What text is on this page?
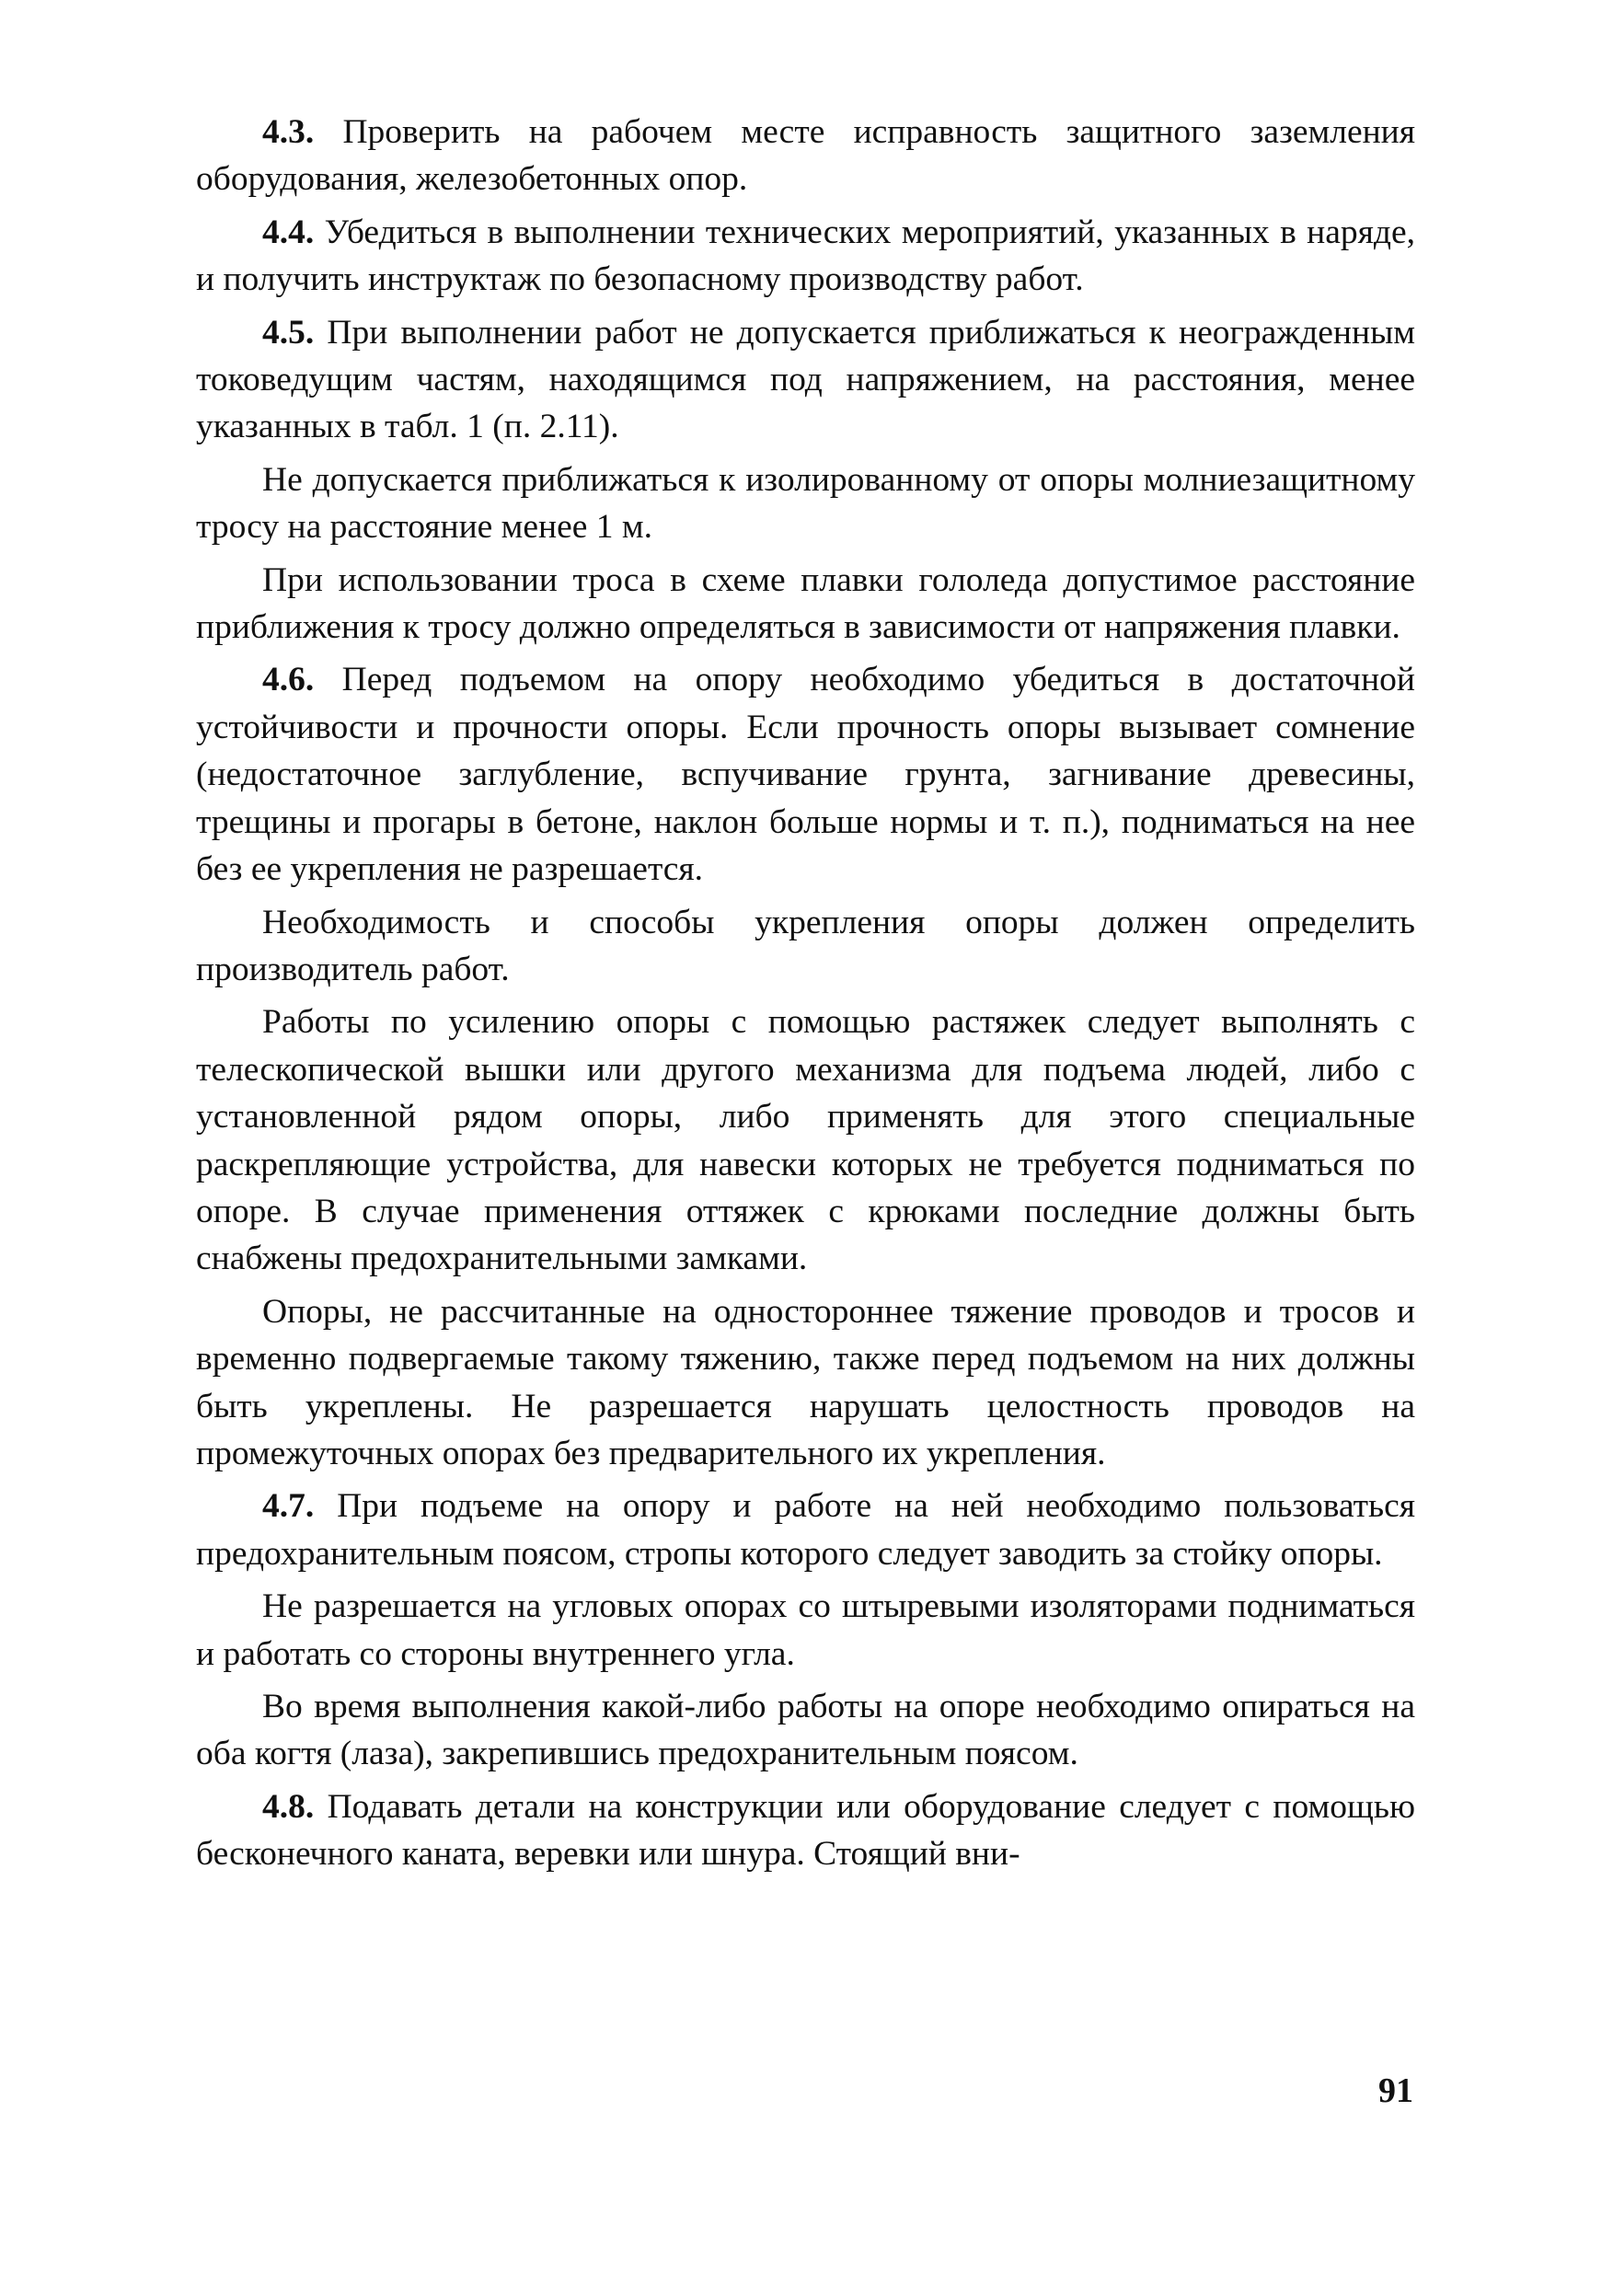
4.3. Проверить на рабочем месте исправность защитного заземления оборудования, железобетонных опор.

4.4. Убедиться в выполнении технических мероприятий, указанных в наряде, и получить инструктаж по безопасному производству работ.

4.5. При выполнении работ не допускается приближаться к неогражденным токоведущим частям, находящимся под напряжением, на расстояния, менее указанных в табл. 1 (п. 2.11).

Не допускается приближаться к изолированному от опоры молниезащитному тросу на расстояние менее 1 м.

При использовании троса в схеме плавки гололеда допустимое расстояние приближения к тросу должно определяться в зависимости от напряжения плавки.

4.6. Перед подъемом на опору необходимо убедиться в достаточной устойчивости и прочности опоры. Если прочность опоры вызывает сомнение (недостаточное заглубление, вспучивание грунта, загнивание древесины, трещины и прогары в бетоне, наклон больше нормы и т. п.), подниматься на нее без ее укрепления не разрешается.

Необходимость и способы укрепления опоры должен определить производитель работ.

Работы по усилению опоры с помощью растяжек следует выполнять с телескопической вышки или другого механизма для подъема людей, либо с установленной рядом опоры, либо применять для этого специальные раскрепляющие устройства, для навески которых не требуется подниматься по опоре. В случае применения оттяжек с крюками последние должны быть снабжены предохранительными замками.

Опоры, не рассчитанные на одностороннее тяжение проводов и тросов и временно подвергаемые такому тяжению, также перед подъемом на них должны быть укреплены. Не разрешается нарушать целостность проводов на промежуточных опорах без предварительного их укрепления.

4.7. При подъеме на опору и работе на ней необходимо пользоваться предохранительным поясом, стропы которого следует заводить за стойку опоры.

Не разрешается на угловых опорах со штыревыми изоляторами подниматься и работать со стороны внутреннего угла.

Во время выполнения какой-либо работы на опоре необходимо опираться на оба когтя (лаза), закрепившись предохранительным поясом.

4.8. Подавать детали на конструкции или оборудование следует с помощью бесконечного каната, веревки или шнура. Стоящий вни-

91
